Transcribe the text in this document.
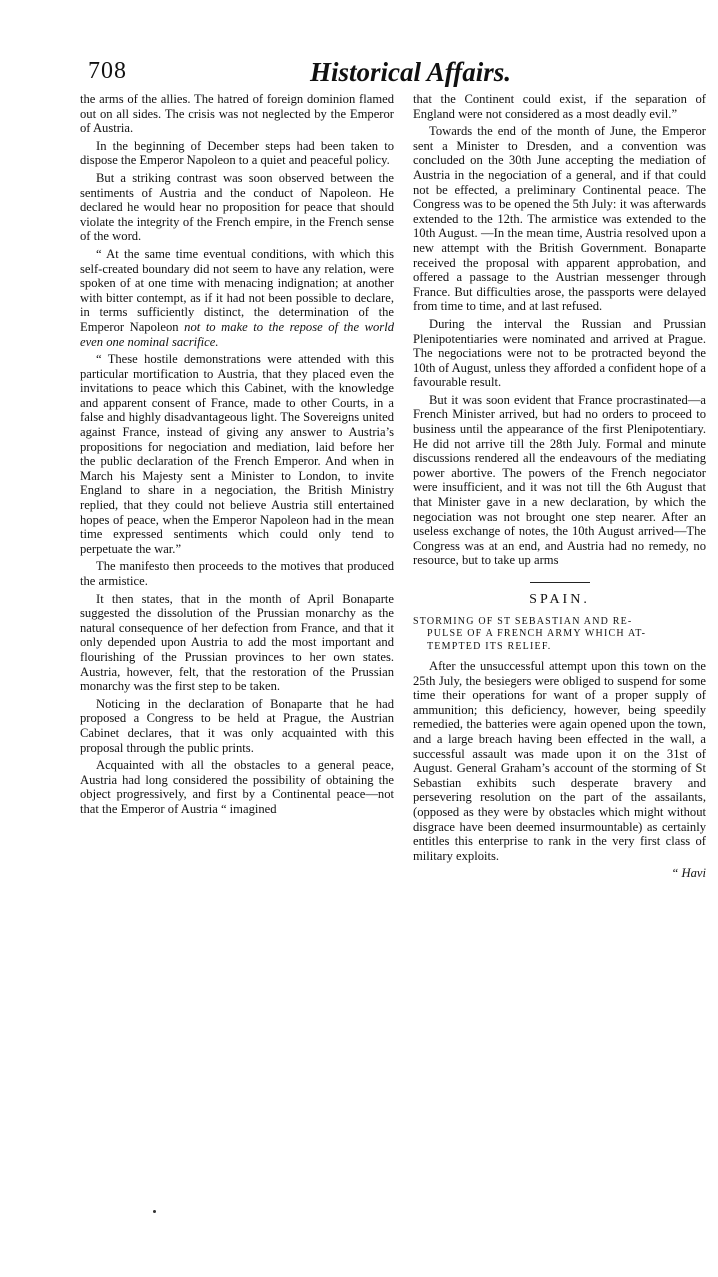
708	Historical Affairs.

the arms of the allies. The hatred of foreign dominion flamed out on all sides. The crisis was not neglected by the Emperor of Austria.

In the beginning of December steps had been taken to dispose the Emperor Napoleon to a quiet and peaceful policy.

But a striking contrast was soon observed between the sentiments of Austria and the conduct of Napoleon. He declared he would hear no proposition for peace that should violate the integrity of the French empire, in the French sense of the word.

“ At the same time eventual conditions, with which this self-created boundary did not seem to have any relation, were spoken of at one time with menacing indignation; at another with bitter contempt, as if it had not been possible to declare, in terms sufficiently distinct, the determination of the Emperor Napoleon not to make to the repose of the world even one nominal sacrifice.

“ These hostile demonstrations were attended with this particular mortification to Austria, that they placed even the invitations to peace which this Cabinet, with the knowledge and apparent consent of France, made to other Courts, in a false and highly disadvantageous light. The Sovereigns united against France, instead of giving any answer to Austria’s propositions for negociation and mediation, laid before her the public declaration of the French Emperor. And when in March his Majesty sent a Minister to London, to invite England to share in a negociation, the British Ministry replied, that they could not believe Austria still entertained hopes of peace, when the Emperor Napoleon had in the mean time expressed sentiments which could only tend to perpetuate the war.”

The manifesto then proceeds to the motives that produced the armistice.

It then states, that in the month of April Bonaparte suggested the dissolution of the Prussian monarchy as the natural consequence of her defection from France, and that it only depended upon Austria to add the most important and flourishing of the Prussian provinces to her own states. Austria, however, felt, that the restoration of the Prussian monarchy was the first step to be taken.

Noticing in the declaration of Bonaparte that he had proposed a Congress to be held at Prague, the Austrian Cabinet declares, that it was only acquainted with this proposal through the public prints.

Acquainted with all the obstacles to a general peace, Austria had long considered the possibility of obtaining the object progressively, and first by a Continental peace—not that the Emperor of Austria “ imagined

that the Continent could exist, if the separation of England were not considered as a most deadly evil.”

Towards the end of the month of June, the Emperor sent a Minister to Dresden, and a convention was concluded on the 30th June accepting the mediation of Austria in the negociation of a general, and if that could not be effected, a preliminary Continental peace. The Congress was to be opened the 5th July: it was afterwards extended to the 12th. The armistice was extended to the 10th August. —In the mean time, Austria resolved upon a new attempt with the British Government. Bonaparte received the proposal with apparent approbation, and offered a passage to the Austrian messenger through France. But difficulties arose, the passports were delayed from time to time, and at last refused.

During the interval the Russian and Prussian Plenipotentiaries were nominated and arrived at Prague. The negociations were not to be protracted beyond the 10th of August, unless they afforded a confident hope of a favourable result.

But it was soon evident that France procrastinated—a French Minister arrived, but had no orders to proceed to business until the appearance of the first Plenipotentiary. He did not arrive till the 28th July. Formal and minute discussions rendered all the endeavours of the mediating power abortive. The powers of the French negociator were insufficient, and it was not till the 6th August that that Minister gave in a new declaration, by which the negociation was not brought one step nearer. After an useless exchange of notes, the 10th August arrived—The Congress was at an end, and Austria had no remedy, no resource, but to take up arms

SPAIN.
STORMING OF ST SEBASTIAN AND RE-
PULSE OF A FRENCH ARMY WHICH AT-
TEMPTED ITS RELIEF.

After the unsuccessful attempt upon this town on the 25th July, the besiegers were obliged to suspend for some time their operations for want of a proper supply of ammunition; this deficiency, however, being speedily remedied, the batteries were again opened upon the town, and a large breach having been effected in the wall, a successful assault was made upon it on the 31st of August. General Graham’s account of the storming of St Sebastian exhibits such desperate bravery and persevering resolution on the part of the assailants, (opposed as they were by obstacles which might without disgrace have been deemed insurmountable) as certainly entitles this enterprise to rank in the very first class of military exploits.

“ Havi
